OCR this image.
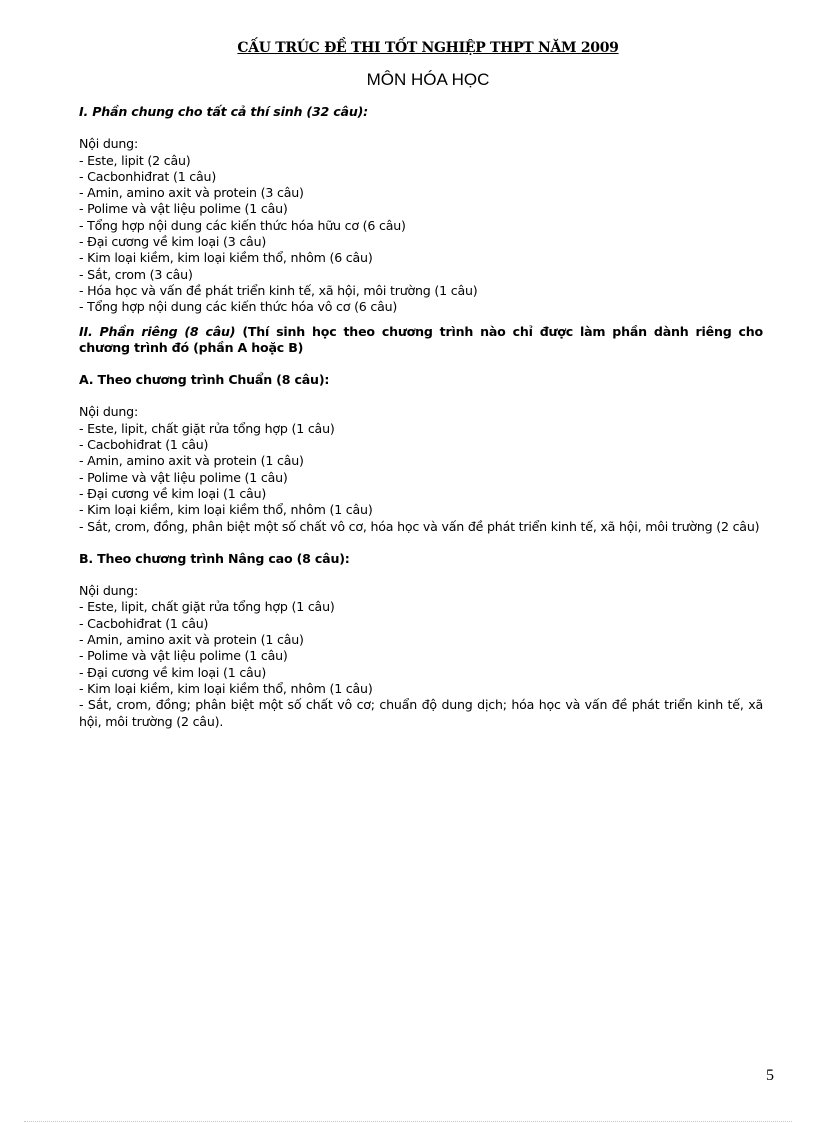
CẤU TRÚC ĐỀ THI TỐT NGHIỆP THPT NĂM 2009
MÔN HÓA HỌC
I. Phần chung cho tất cả thí sinh (32 câu):
Nội dung:
- Este, lipit (2 câu)
- Cacbonhiđrat (1 câu)
- Amin, amino axit và protein (3 câu)
- Polime và vật liệu polime (1 câu)
- Tổng hợp nội dung các kiến thức hóa hữu cơ (6 câu)
- Đại cương về kim loại (3 câu)
- Kim loại kiềm, kim loại kiềm thổ, nhôm (6 câu)
- Sắt, crom (3 câu)
- Hóa học và vấn đề phát triển kinh tế, xã hội, môi trường (1 câu)
- Tổng hợp nội dung các kiến thức hóa vô cơ (6 câu)
II. Phần riêng (8 câu) (Thí sinh học theo chương trình nào chỉ được làm phần dành riêng cho chương trình đó (phần A hoặc B)
A. Theo chương trình Chuẩn (8 câu):
Nội dung:
- Este, lipit, chất giặt rửa tổng hợp (1 câu)
- Cacbohiđrat (1 câu)
- Amin, amino axit và protein (1 câu)
- Polime và vật liệu polime (1 câu)
- Đại cương về kim loại (1 câu)
- Kim loại kiềm, kim loại kiềm thổ, nhôm (1 câu)
- Sắt, crom, đồng, phân biệt một số chất vô cơ, hóa học và vấn đề phát triển kinh tế, xã hội, môi trường (2 câu)
B. Theo chương trình Nâng cao (8 câu):
Nội dung:
- Este, lipit, chất giặt rửa tổng hợp (1 câu)
- Cacbohiđrat (1 câu)
- Amin, amino axit và protein (1 câu)
- Polime và vật liệu polime (1 câu)
- Đại cương về kim loại (1 câu)
- Kim loại kiềm, kim loại kiềm thổ, nhôm (1 câu)
- Sắt, crom, đồng; phân biệt một số chất vô cơ; chuẩn độ dung dịch; hóa học và vấn đề phát triển kinh tế, xã hội, môi trường (2 câu).
5
